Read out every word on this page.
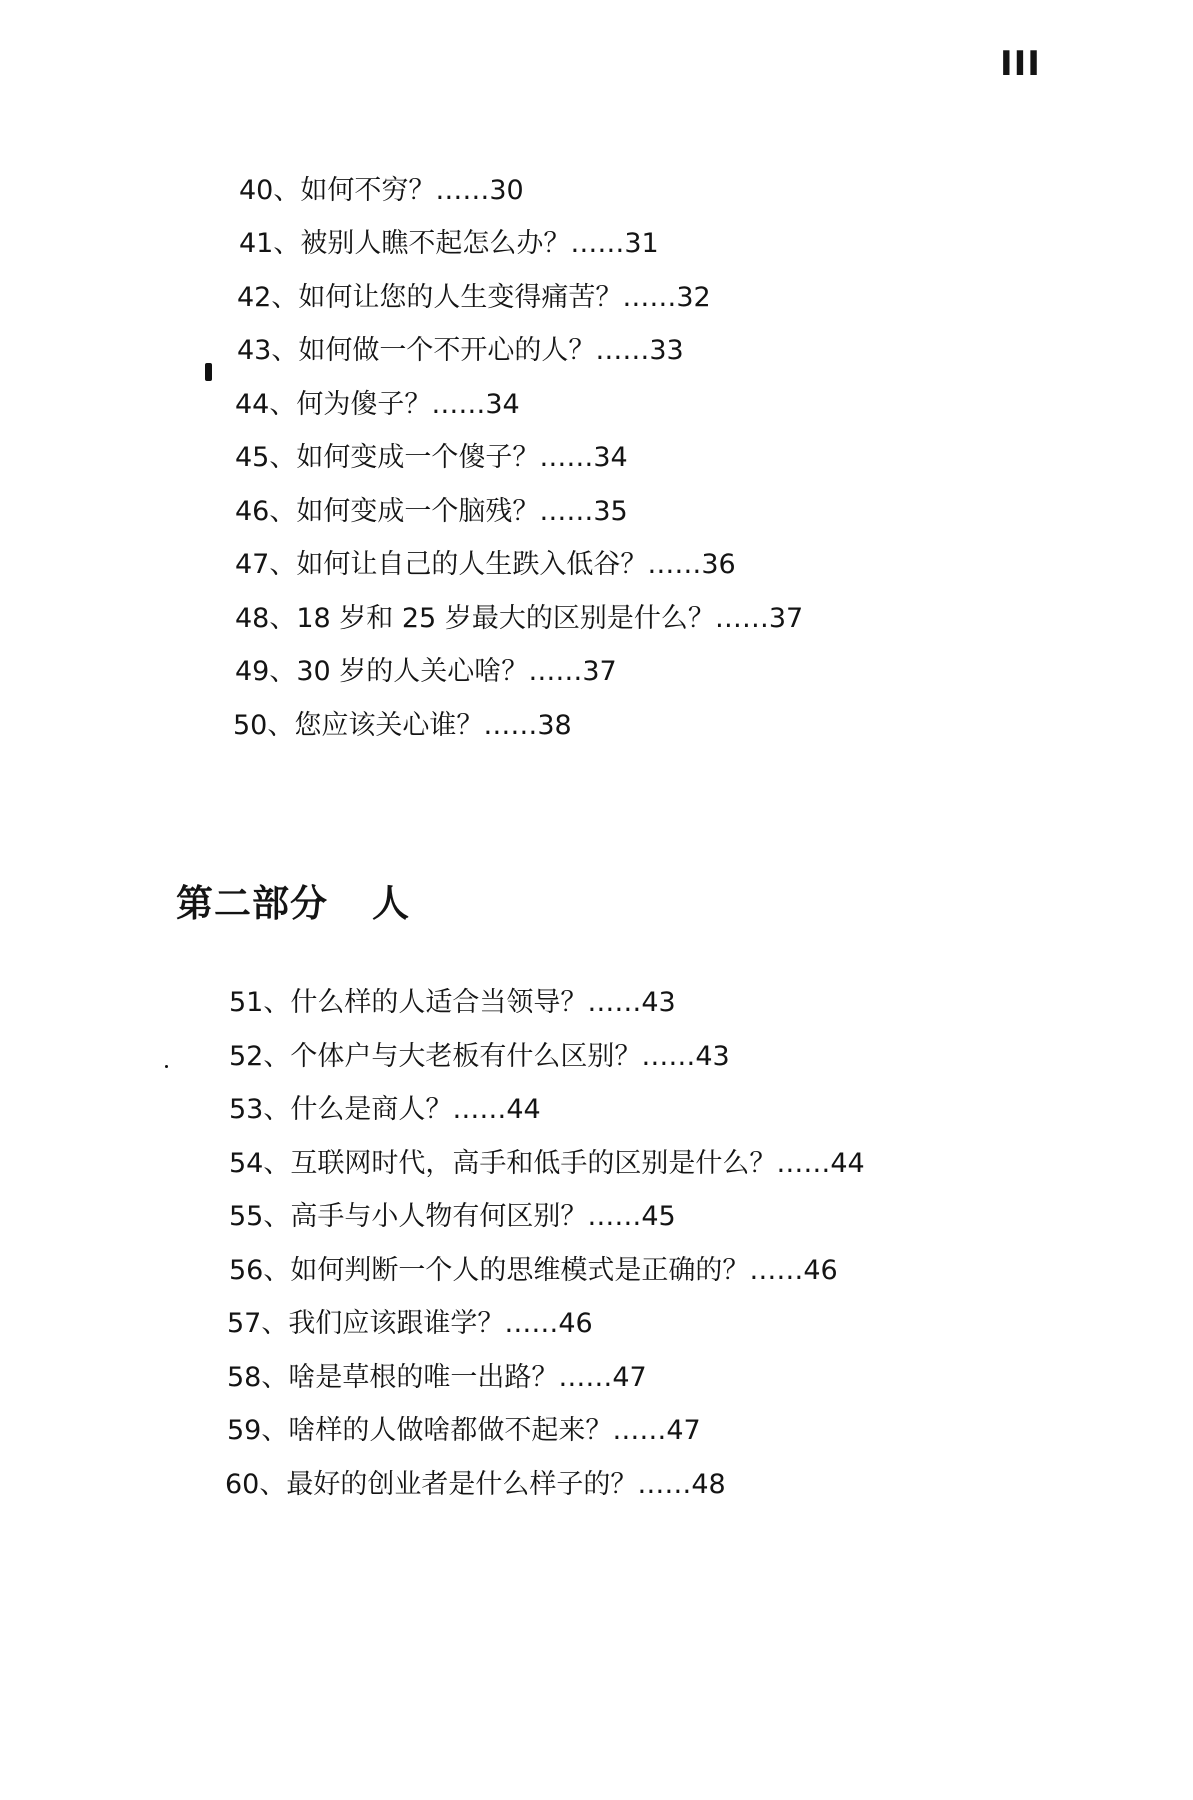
III
40、如何不穷？……30
41、被别人瞧不起怎么办？……31
42、如何让您的人生变得痛苦？……32
43、如何做一个不开心的人？……33
44、何为傻子？……34
45、如何变成一个傻子？……34
46、如何变成一个脑残？……35
47、如何让自己的人生跌入低谷？……36
48、18 岁和 25 岁最大的区别是什么？……37
49、30 岁的人关心啥？……37
50、您应该关心谁？……38
第二部分 人
51、什么样的人适合当领导？……43
52、个体户与大老板有什么区别？……43
53、什么是商人？……44
54、互联网时代，高手和低手的区别是什么？……44
55、高手与小人物有何区别？……45
56、如何判断一个人的思维模式是正确的？……46
57、我们应该跟谁学？……46
58、啥是草根的唯一出路？……47
59、啥样的人做啥都做不起来？……47
60、最好的创业者是什么样子的？……48
